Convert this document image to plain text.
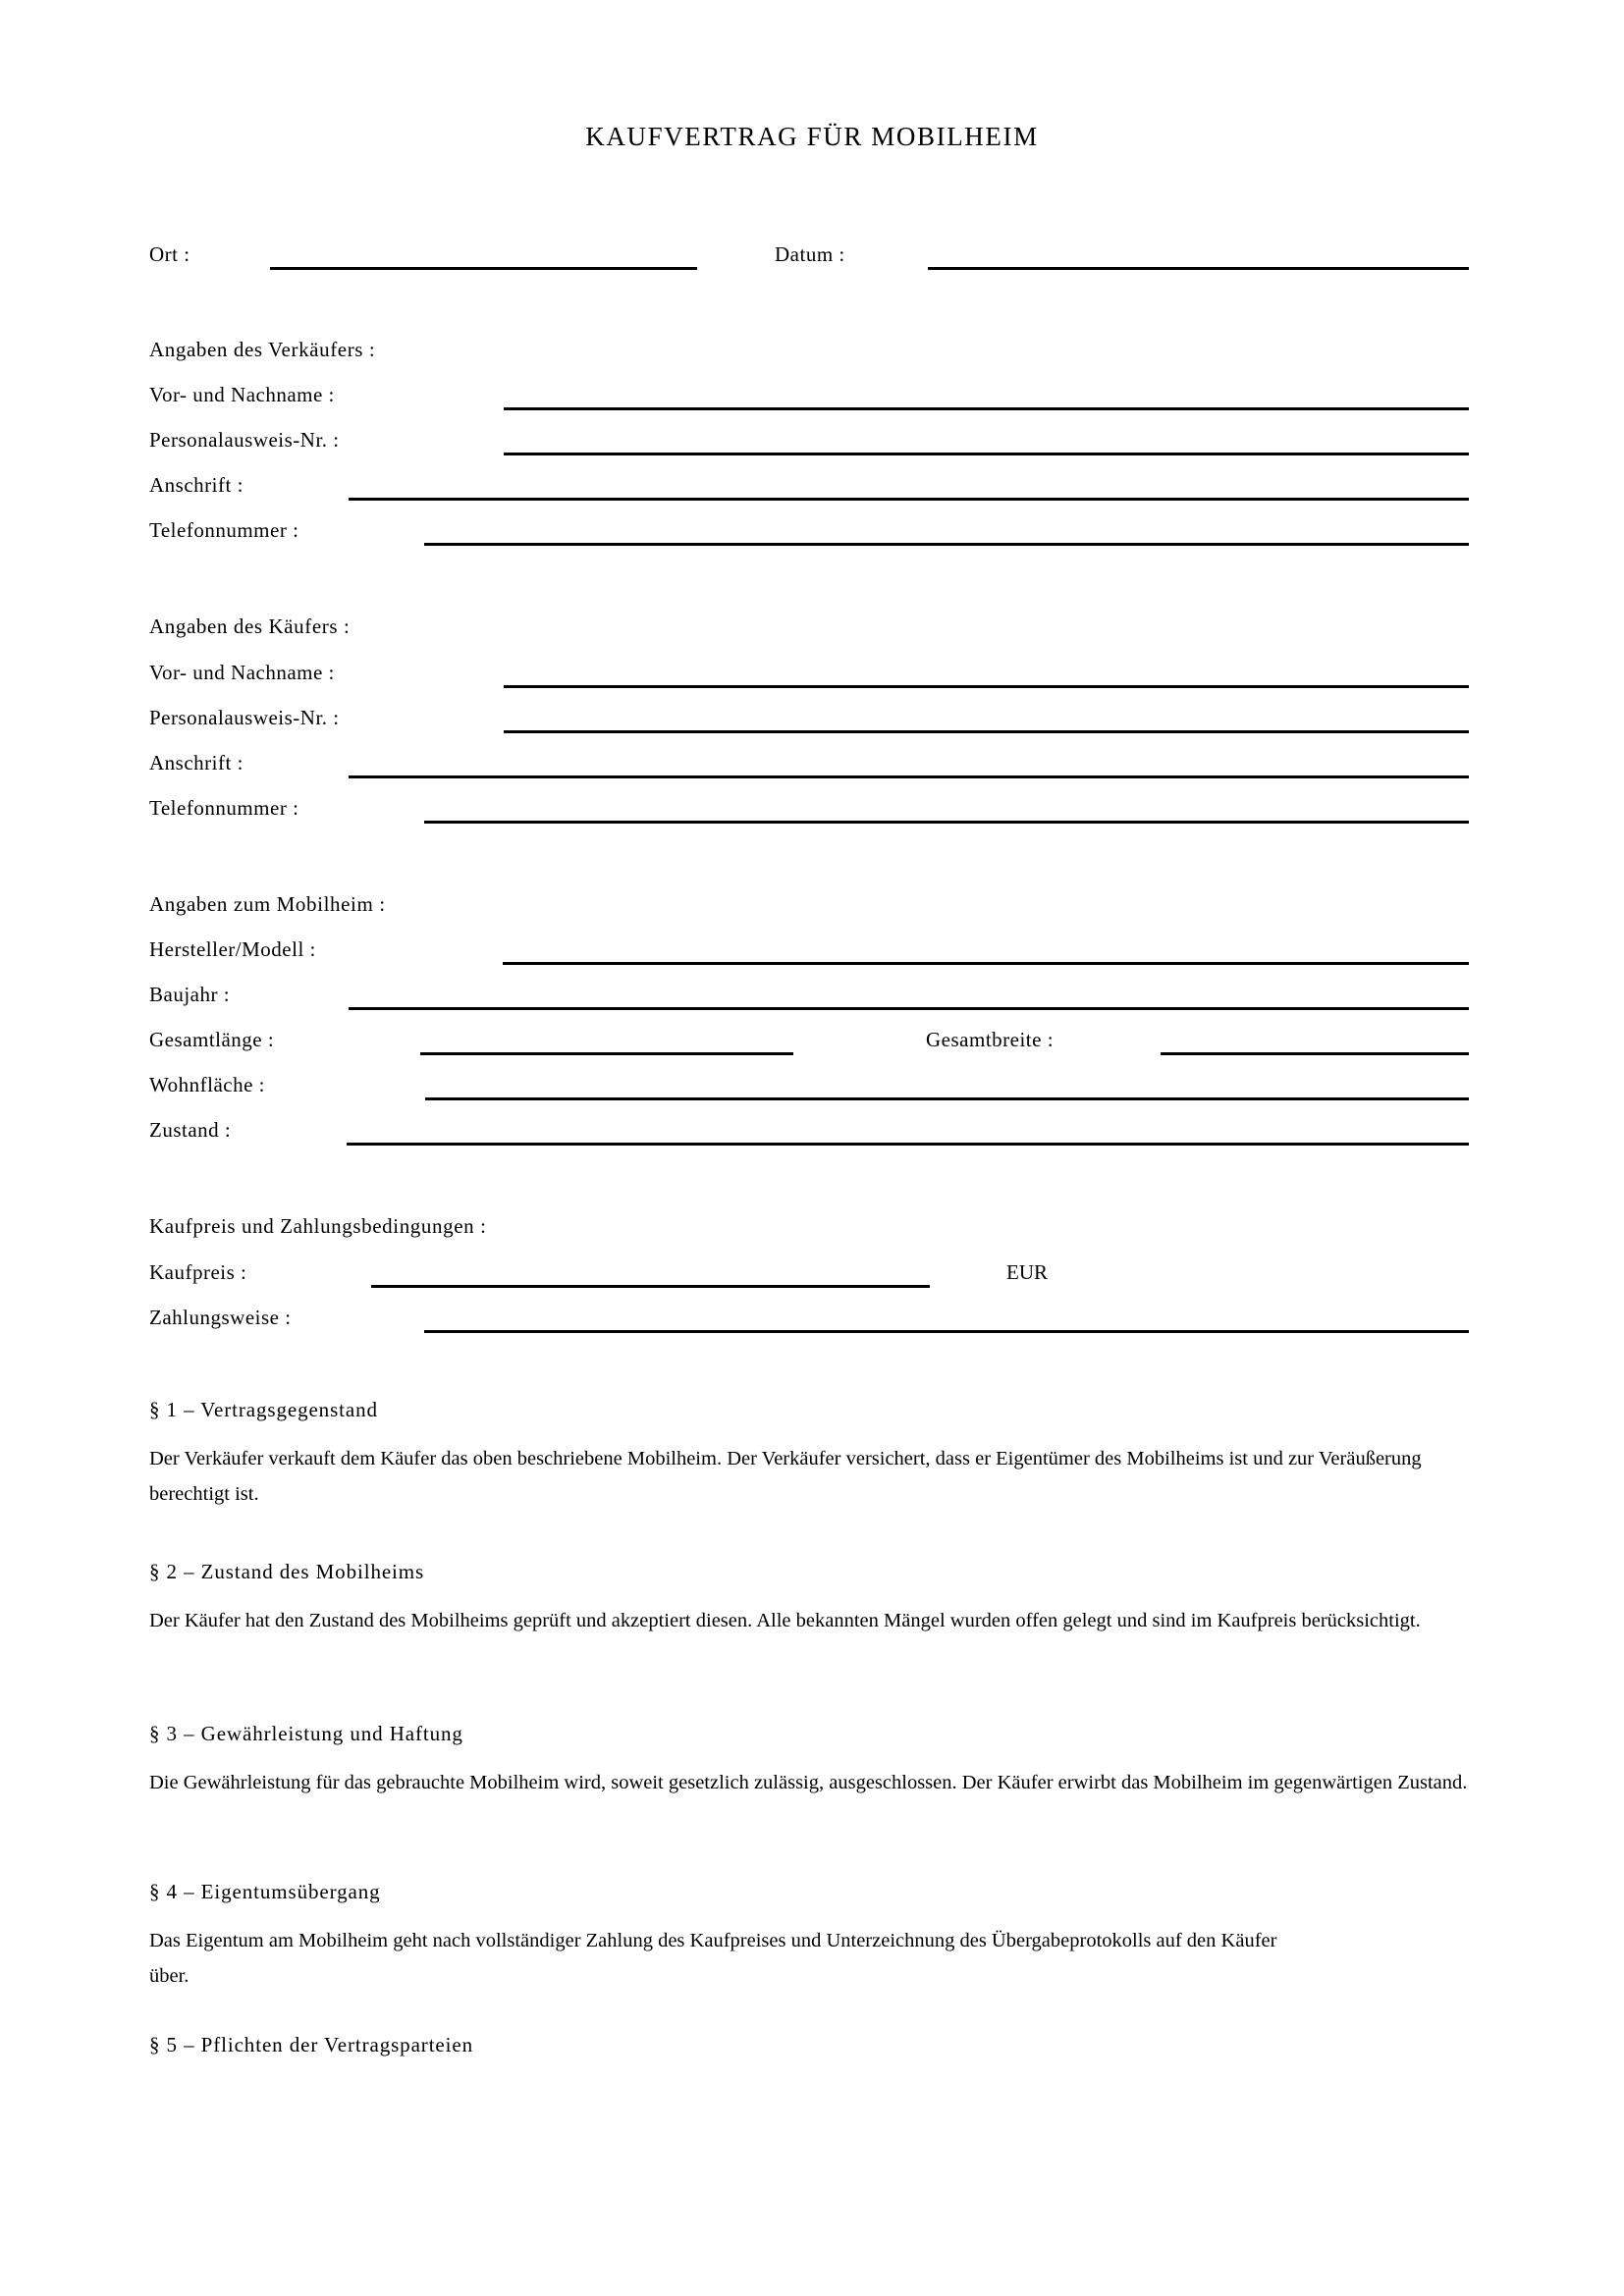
KAUFVERTRAG FÜR MOBILHEIM
Ort :	Datum :
Angaben des Verkäufers :
Vor- und Nachname :
Personalausweis-Nr. :
Anschrift :
Telefonnummer :
Angaben des Käufers :
Vor- und Nachname :
Personalausweis-Nr. :
Anschrift :
Telefonnummer :
Angaben zum Mobilheim :
Hersteller/Modell :
Baujahr :
Gesamtlänge :	Gesamtbreite :
Wohnfläche :
Zustand :
Kaufpreis und Zahlungsbedingungen :
Kaufpreis :	EUR
Zahlungsweise :
§ 1 – Vertragsgegenstand
Der Verkäufer verkauft dem Käufer das oben beschriebene Mobilheim. Der Verkäufer versichert, dass er Eigentümer des Mobilheims ist und zur Veräußerung berechtigt ist.
§ 2 – Zustand des Mobilheims
Der Käufer hat den Zustand des Mobilheims geprüft und akzeptiert diesen. Alle bekannten Mängel wurden offen gelegt und sind im Kaufpreis berücksichtigt.
§ 3 – Gewährleistung und Haftung
Die Gewährleistung für das gebrauchte Mobilheim wird, soweit gesetzlich zulässig, ausgeschlossen. Der Käufer erwirbt das Mobilheim im gegenwärtigen Zustand.
§ 4 – Eigentumsübergang
Das Eigentum am Mobilheim geht nach vollständiger Zahlung des Kaufpreises und Unterzeichnung des Übergabeprotokolls auf den Käufer über.
§ 5 – Pflichten der Vertragsparteien
